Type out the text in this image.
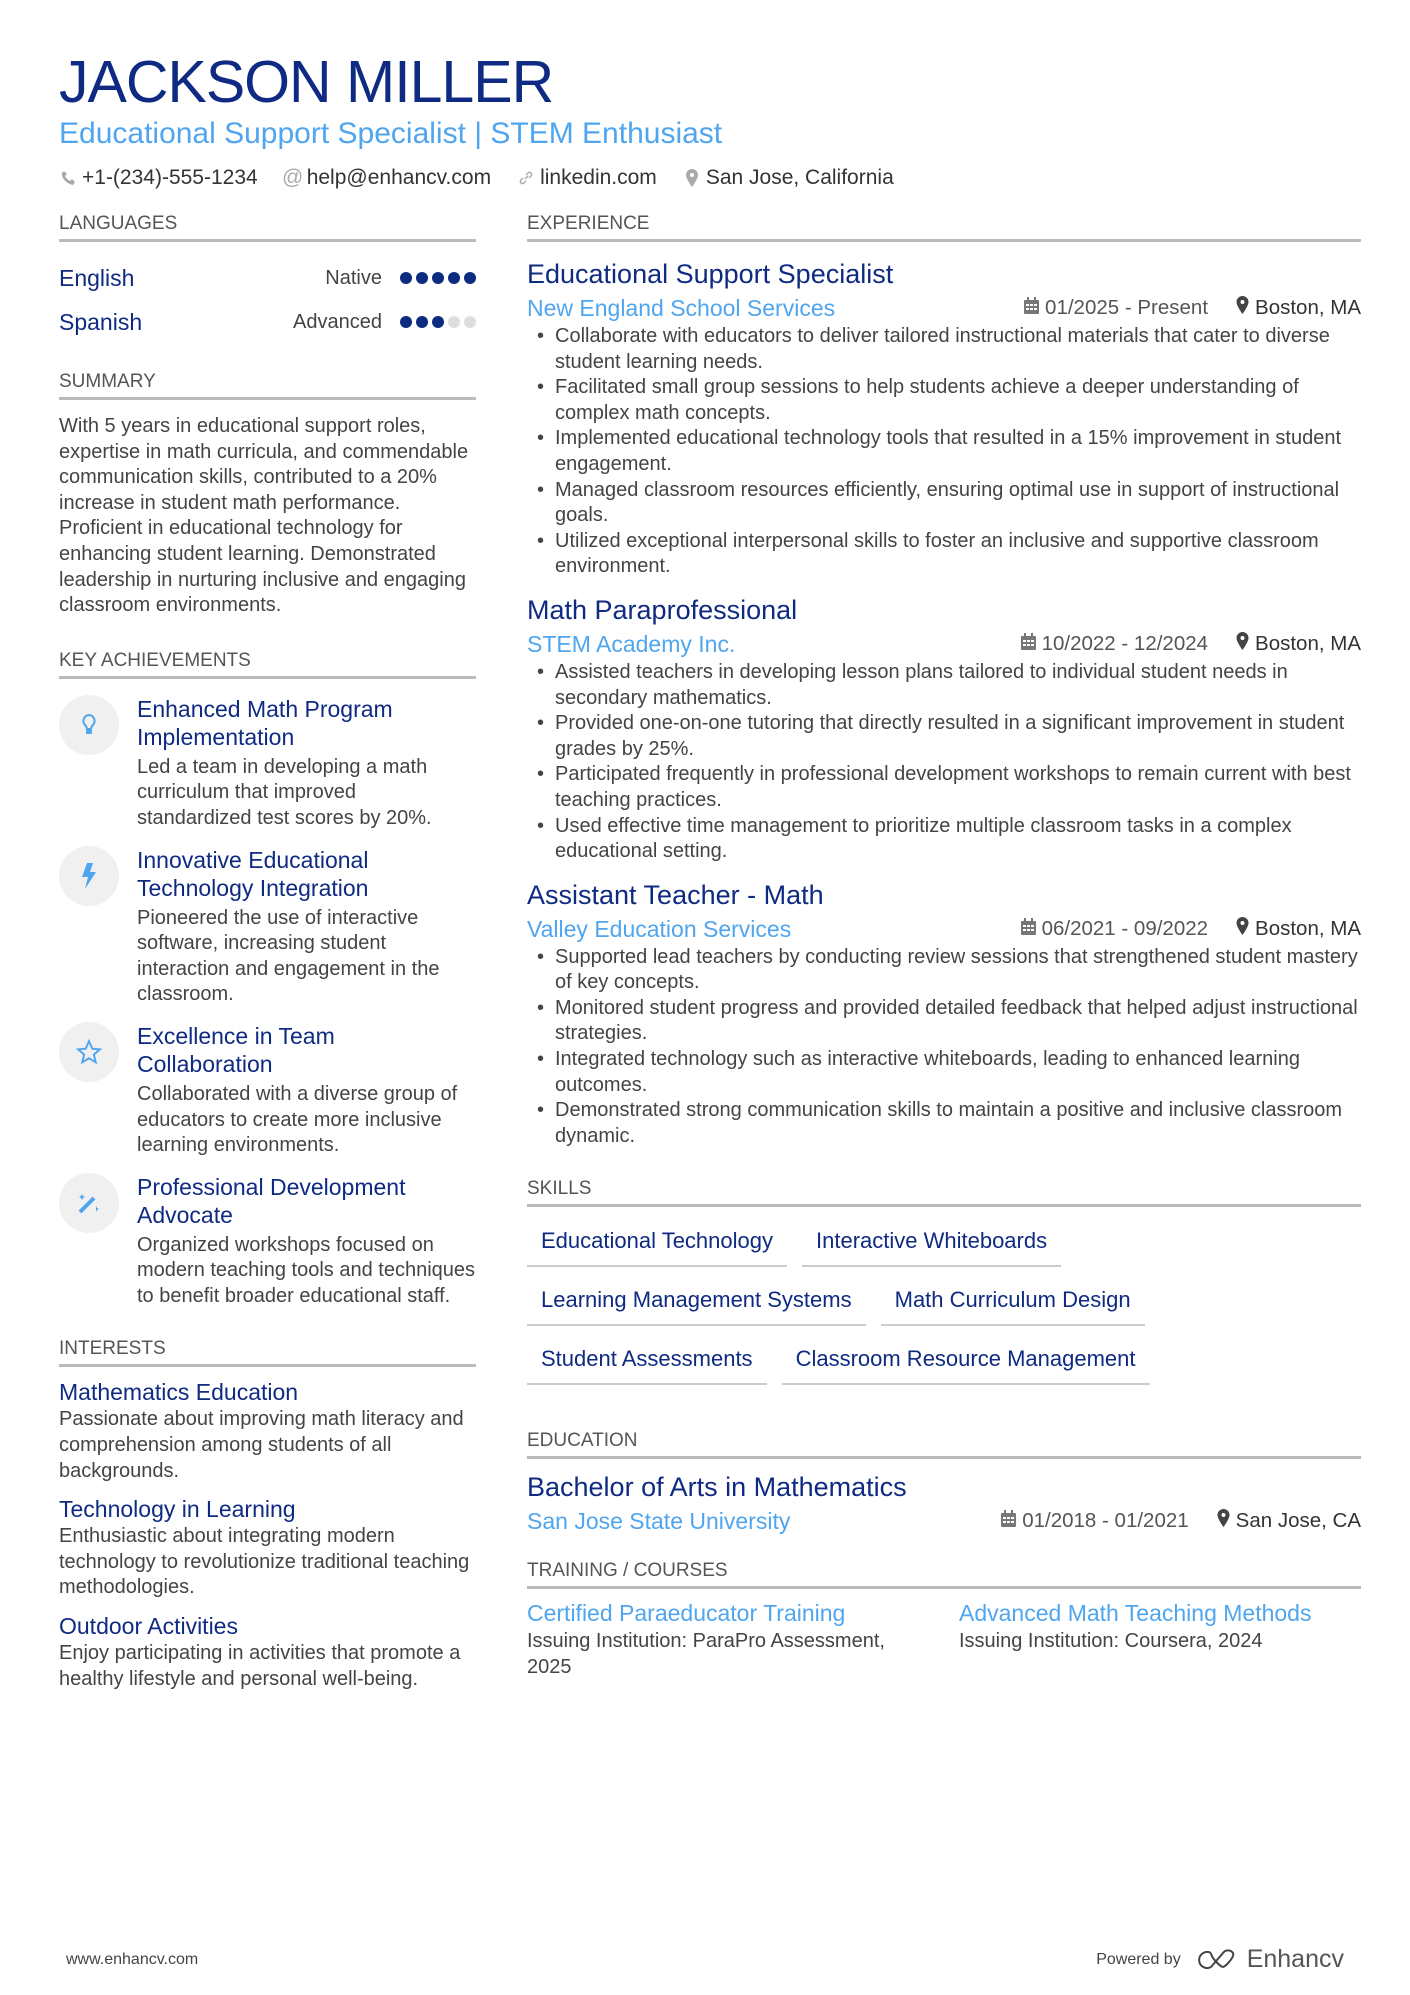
JACKSON MILLER
Educational Support Specialist | STEM Enthusiast
+1-(234)-555-1234 @ help@enhancv.com linkedin.com San Jose, California
LANGUAGES
English	Native
Spanish	Advanced
SUMMARY
With 5 years in educational support roles, expertise in math curricula, and commendable communication skills, contributed to a 20% increase in student math performance. Proficient in educational technology for enhancing student learning. Demonstrated leadership in nurturing inclusive and engaging classroom environments.
KEY ACHIEVEMENTS
Enhanced Math Program Implementation
Led a team in developing a math curriculum that improved standardized test scores by 20%.
Innovative Educational Technology Integration
Pioneered the use of interactive software, increasing student interaction and engagement in the classroom.
Excellence in Team Collaboration
Collaborated with a diverse group of educators to create more inclusive learning environments.
Professional Development Advocate
Organized workshops focused on modern teaching tools and techniques to benefit broader educational staff.
INTERESTS
Mathematics Education
Passionate about improving math literacy and comprehension among students of all backgrounds.
Technology in Learning
Enthusiastic about integrating modern technology to revolutionize traditional teaching methodologies.
Outdoor Activities
Enjoy participating in activities that promote a healthy lifestyle and personal well-being.
EXPERIENCE
Educational Support Specialist
New England School Services	01/2025 - Present Boston, MA
• Collaborate with educators to deliver tailored instructional materials that cater to diverse student learning needs.
• Facilitated small group sessions to help students achieve a deeper understanding of complex math concepts.
• Implemented educational technology tools that resulted in a 15% improvement in student engagement.
• Managed classroom resources efficiently, ensuring optimal use in support of instructional goals.
• Utilized exceptional interpersonal skills to foster an inclusive and supportive classroom environment.
Math Paraprofessional
STEM Academy Inc.	10/2022 - 12/2024 Boston, MA
• Assisted teachers in developing lesson plans tailored to individual student needs in secondary mathematics.
• Provided one-on-one tutoring that directly resulted in a significant improvement in student grades by 25%.
• Participated frequently in professional development workshops to remain current with best teaching practices.
• Used effective time management to prioritize multiple classroom tasks in a complex educational setting.
Assistant Teacher - Math
Valley Education Services	06/2021 - 09/2022 Boston, MA
• Supported lead teachers by conducting review sessions that strengthened student mastery of key concepts.
• Monitored student progress and provided detailed feedback that helped adjust instructional strategies.
• Integrated technology such as interactive whiteboards, leading to enhanced learning outcomes.
• Demonstrated strong communication skills to maintain a positive and inclusive classroom dynamic.
SKILLS
Educational Technology	Interactive Whiteboards
Learning Management Systems	Math Curriculum Design
Student Assessments	Classroom Resource Management
EDUCATION
Bachelor of Arts in Mathematics
San Jose State University	01/2018 - 01/2021 San Jose, CA
TRAINING / COURSES
Certified Paraeducator Training
Issuing Institution: ParaPro Assessment, 2025
Advanced Math Teaching Methods
Issuing Institution: Coursera, 2024
www.enhancv.com	Powered by	Enhancv
